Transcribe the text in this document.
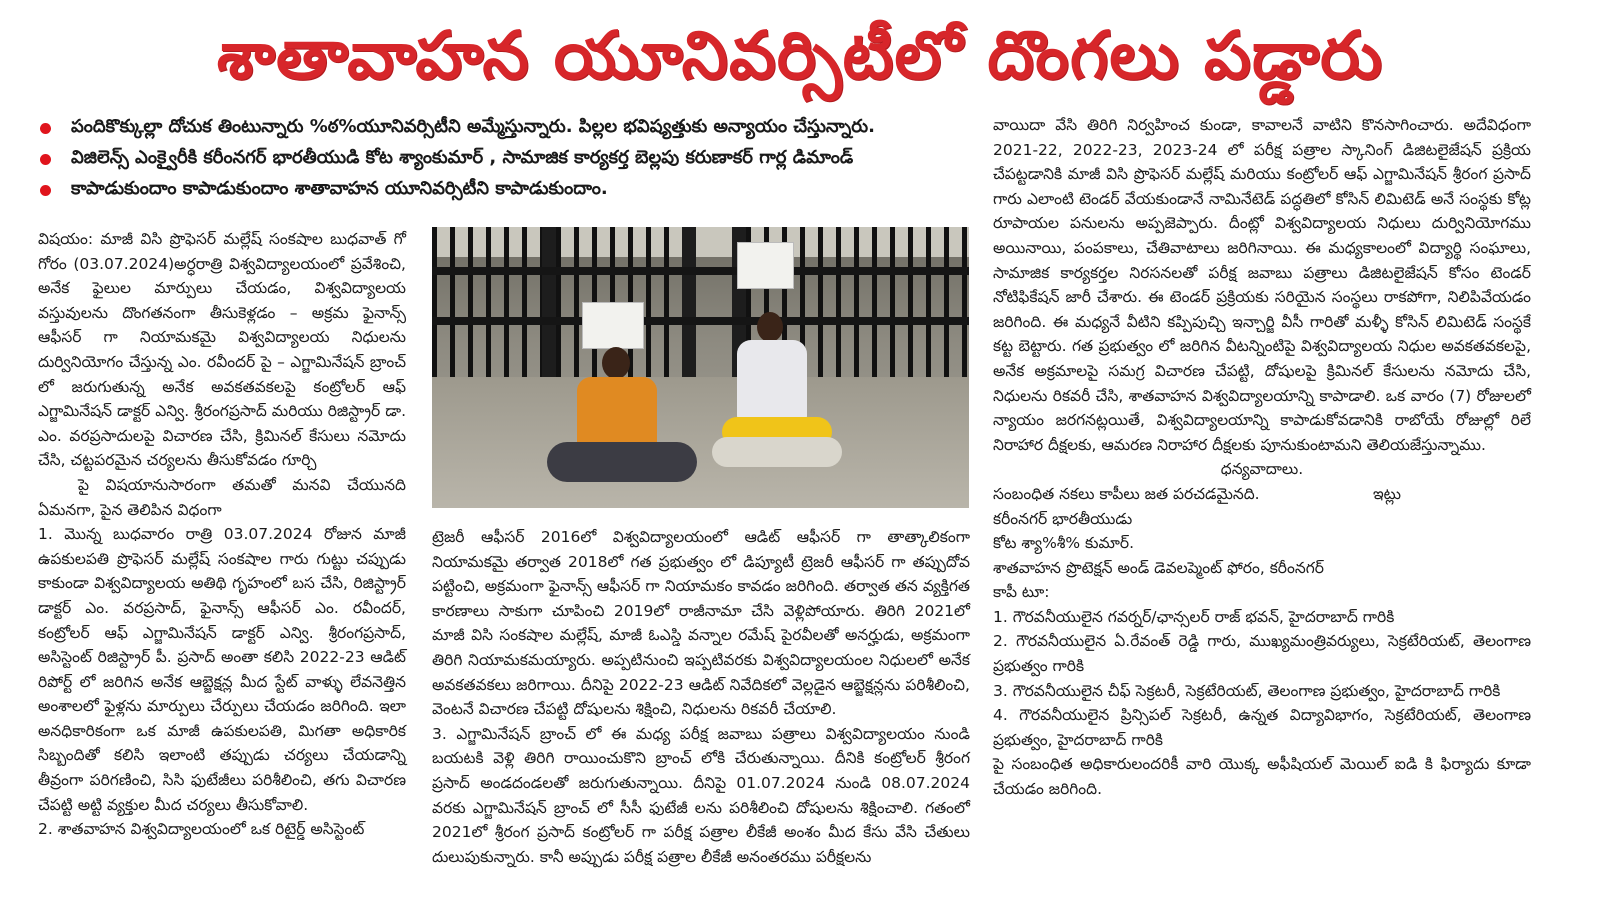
శాతావాహన యూనివర్సిటీలో దొంగలు పడ్డారు
పందికొక్కుల్లా దోచుక తింటున్నారు %ఠ%యూనివర్సిటీని అమ్మేస్తున్నారు. పిల్లల భవిష్యత్తుకు అన్యాయం చేస్తున్నారు.
విజిలెన్స్ ఎంక్వైరీకి కరీంనగర్ భారతీయుడి కోట శ్యాంకుమార్ , సామాజిక కార్యకర్త బెల్లపు కరుణాకర్ గార్ల డిమాండ్
కాపాడుకుందాం కాపాడుకుందాం శాతావాహన యూనివర్సిటీని కాపాడుకుందాం.

విషయం: మాజీ విసి ప్రొఫెసర్ మల్లేష్ సంకషాల బుధవాత్ గో గోరం (03.07.2024)అర్ధరాత్రి విశ్వవిద్యాలయంలో ప్రవేశించి, అనేక ఫైలుల మార్పులు చేయడం, విశ్వవిద్యాలయ వస్తువులను దొంగతనంగా తీసుకెళ్లడం – అక్రమ ఫైనాన్స్ ఆఫీసర్ గా నియామకమై విశ్వవిద్యాలయ నిధులను దుర్వినియోగం చేస్తున్న ఎం. రవీందర్ పై – ఎగ్జామినేషన్ బ్రాంచ్ లో జరుగుతున్న అనేక అవకతవకలపై కంట్రోలర్ ఆఫ్ ఎగ్జామినేషన్ డాక్టర్ ఎన్వి. శ్రీరంగప్రసాద్ మరియు రిజిస్ట్రార్ డా. ఎం. వరప్రసాదులపై విచారణ చేసి, క్రిమినల్ కేసులు నమోదు చేసి, చట్టపరమైన చర్యలను తీసుకోవడం గూర్చి

పై విషయానుసారంగా తమతో మనవి చేయునది ఏమనగా, పైన తెలిపిన విధంగా

1. మొన్న బుధవారం రాత్రి 03.07.2024 రోజున మాజీ ఉపకులపతి ప్రొఫెసర్ మల్లేష్ సంకషాల గారు గుట్టు చప్పుడు కాకుండా విశ్వవిద్యాలయ అతిథి గృహంలో బస చేసి, రిజిస్ట్రార్ డాక్టర్ ఎం. వరప్రసాద్, ఫైనాన్స్ ఆఫీసర్ ఎం. రవీందర్, కంట్రోలర్ ఆఫ్ ఎగ్జామినేషన్ డాక్టర్ ఎన్వి. శ్రీరంగప్రసాద్, అసిస్టెంట్ రిజిస్ట్రార్ పీ. ప్రసాద్ అంతా కలిసి 2022-23 ఆడిట్ రిపోర్ట్ లో జరిగిన అనేక ఆబ్జెక్షన్ల మీద స్టేట్ వాళ్ళు లేవనెత్తిన అంశాలలో ఫైళ్లను మార్పులు చేర్పులు చేయడం జరిగింది. ఇలా అనధికారికంగా ఒక మాజీ ఉపకులపతి, మిగతా అధికారిక సిబ్బందితో కలిసి ఇలాంటి తప్పుడు చర్యలు చేయడాన్ని తీవ్రంగా పరిగణించి, సిసి ఫుటేజీలు పరిశీలించి, తగు విచారణ చేపట్టి అట్టి వ్యక్తుల మీద చర్యలు తీసుకోవాలి.

2. శాతవాహన విశ్వవిద్యాలయంలో ఒక రిటైర్డ్ అసిస్టెంట్

ట్రెజరీ ఆఫీసర్ 2016లో విశ్వవిద్యాలయంలో ఆడిట్ ఆఫీసర్ గా తాత్కాలికంగా నియామకమై తర్వాత 2018లో గత ప్రభుత్వం లో డిప్యూటీ ట్రెజరీ ఆఫీసర్ గా తప్పుదోవ పట్టించి, అక్రమంగా ఫైనాన్స్ ఆఫీసర్ గా నియామకం కావడం జరిగింది. తర్వాత తన వ్యక్తిగత కారణాలు సాకుగా చూపించి 2019లో రాజీనామా చేసి వెళ్లిపోయారు. తిరిగి 2021లో మాజీ విసి సంకషాల మల్లేష్, మాజీ ఓఎస్డి వన్నాల రమేష్ పైరవీలతో అనర్హుడు, అక్రమంగా తిరిగి నియామకమయ్యారు. అప్పటినుంచి ఇప్పటివరకు విశ్వవిద్యాలయంల నిధులలో అనేక అవకతవకలు జరిగాయి. దీనిపై 2022-23 ఆడిట్ నివేదికలో వెల్లడైన ఆబ్జెక్షన్లను పరిశీలించి, వెంటనే విచారణ చేపట్టి దోషులను శిక్షించి, నిధులను రికవరీ చేయాలి.

3. ఎగ్జామినేషన్ బ్రాంచ్ లో ఈ మధ్య పరీక్ష జవాబు పత్రాలు విశ్వవిద్యాలయం నుండి బయటకి వెళ్లి తిరిగి రాయించుకొని బ్రాంచ్ లోకి చేరుతున్నాయి. దీనికి కంట్రోలర్ శ్రీరంగ ప్రసాద్ అండదండలతో జరుగుతున్నాయి. దీనిపై 01.07.2024 నుండి 08.07.2024 వరకు ఎగ్జామినేషన్ బ్రాంచ్ లో సీసీ ఫుటేజీ లను పరిశీలించి దోషులను శిక్షించాలి. గతంలో 2021లో శ్రీరంగ ప్రసాద్ కంట్రోలర్ గా పరీక్ష పత్రాల లీకేజీ అంశం మీద కేసు వేసి చేతులు దులుపుకున్నారు. కానీ అప్పుడు పరీక్ష పత్రాల లీకేజీ అనంతరము పరీక్షలను

వాయిదా వేసి తిరిగి నిర్వహించ కుండా, కావాలనే వాటిని కొనసాగించారు. అదేవిధంగా 2021-22, 2022-23, 2023-24 లో పరీక్ష పత్రాల స్కానింగ్ డిజిటలైజేషన్ ప్రక్రియ చేపట్టడానికి మాజీ విసి ప్రొఫెసర్ మల్లేష్ మరియు కంట్రోలర్ ఆఫ్ ఎగ్జామినేషన్ శ్రీరంగ ప్రసాద్ గారు ఎలాంటి టెండర్ వేయకుండానే నామినేటెడ్ పద్ధతిలో కోసిన్ లిమిటెడ్ అనే సంస్థకు కోట్ల రూపాయల పనులను అప్పజెప్పారు. దీంట్లో విశ్వవిద్యాలయ నిధులు దుర్వినియోగము అయినాయి, పంపకాలు, చేతివాటాలు జరిగినాయి. ఈ మధ్యకాలంలో విద్యార్థి సంఘాలు, సామాజిక కార్యకర్తల నిరసనలతో పరీక్ష జవాబు పత్రాలు డిజిటలైజేషన్ కోసం టెండర్ నోటిఫికేషన్ జారీ చేశారు. ఈ టెండర్ ప్రక్రియకు సరియైన సంస్థలు రాకపోగా, నిలిపివేయడం జరిగింది. ఈ మధ్యనే వీటిని కప్పిపుచ్చి ఇన్చార్జి వీసీ గారితో మళ్ళీ కోసిన్ లిమిటెడ్ సంస్థకే కట్ట బెట్టారు. గత ప్రభుత్వం లో జరిగిన వీటన్నింటిపై విశ్వవిద్యాలయ నిధుల అవకతవకలపై, అనేక అక్రమాలపై సమగ్ర విచారణ చేపట్టి, దోషులపై క్రిమినల్ కేసులను నమోదు చేసి, నిధులను రికవరీ చేసి, శాతవాహన విశ్వవిద్యాలయాన్ని కాపాడాలి. ఒక వారం (7) రోజులలో న్యాయం జరగనట్లయితే, విశ్వవిద్యాలయాన్ని కాపాడుకోవడానికి రాబోయే రోజుల్లో రిలే నిరాహార దీక్షలకు, ఆమరణ నిరాహార దీక్షలకు పూనుకుంటామని తెలియజేస్తున్నాము.

ధన్యవాదాలు.

సంబంధిత నకలు కాపీలు జత పరచడమైనది.	ఇట్లు

కరీంనగర్ భారతీయుడు

కోట శ్యా%శీ% కుమార్.

శాతవాహన ప్రొటెక్షన్ అండ్ డెవలప్మెంట్ ఫోరం, కరీంనగర్

కాపీ టూ:

1. గౌరవనీయులైన గవర్నర్/ఛాన్సలర్ రాజ్ భవన్, హైదరాబాద్ గారికి

2. గౌరవనీయులైన ఏ.రేవంత్ రెడ్డి గారు, ముఖ్యమంత్రివర్యులు, సెక్రటేరియట్, తెలంగాణ ప్రభుత్వం గారికి

3. గౌరవనీయులైన చీఫ్ సెక్రటరీ, సెక్రటేరియట్, తెలంగాణ ప్రభుత్వం, హైదరాబాద్ గారికి

4. గౌరవనీయులైన ప్రిన్సిపల్ సెక్రటరీ, ఉన్నత విద్యావిభాగం, సెక్రటేరియట్, తెలంగాణ ప్రభుత్వం, హైదరాబాద్ గారికి

పై సంబంధిత అధికారులందరికీ వారి యొక్క అఫీషియల్ మెయిల్ ఐడి కి ఫిర్యాదు కూడా చేయడం జరిగింది.
